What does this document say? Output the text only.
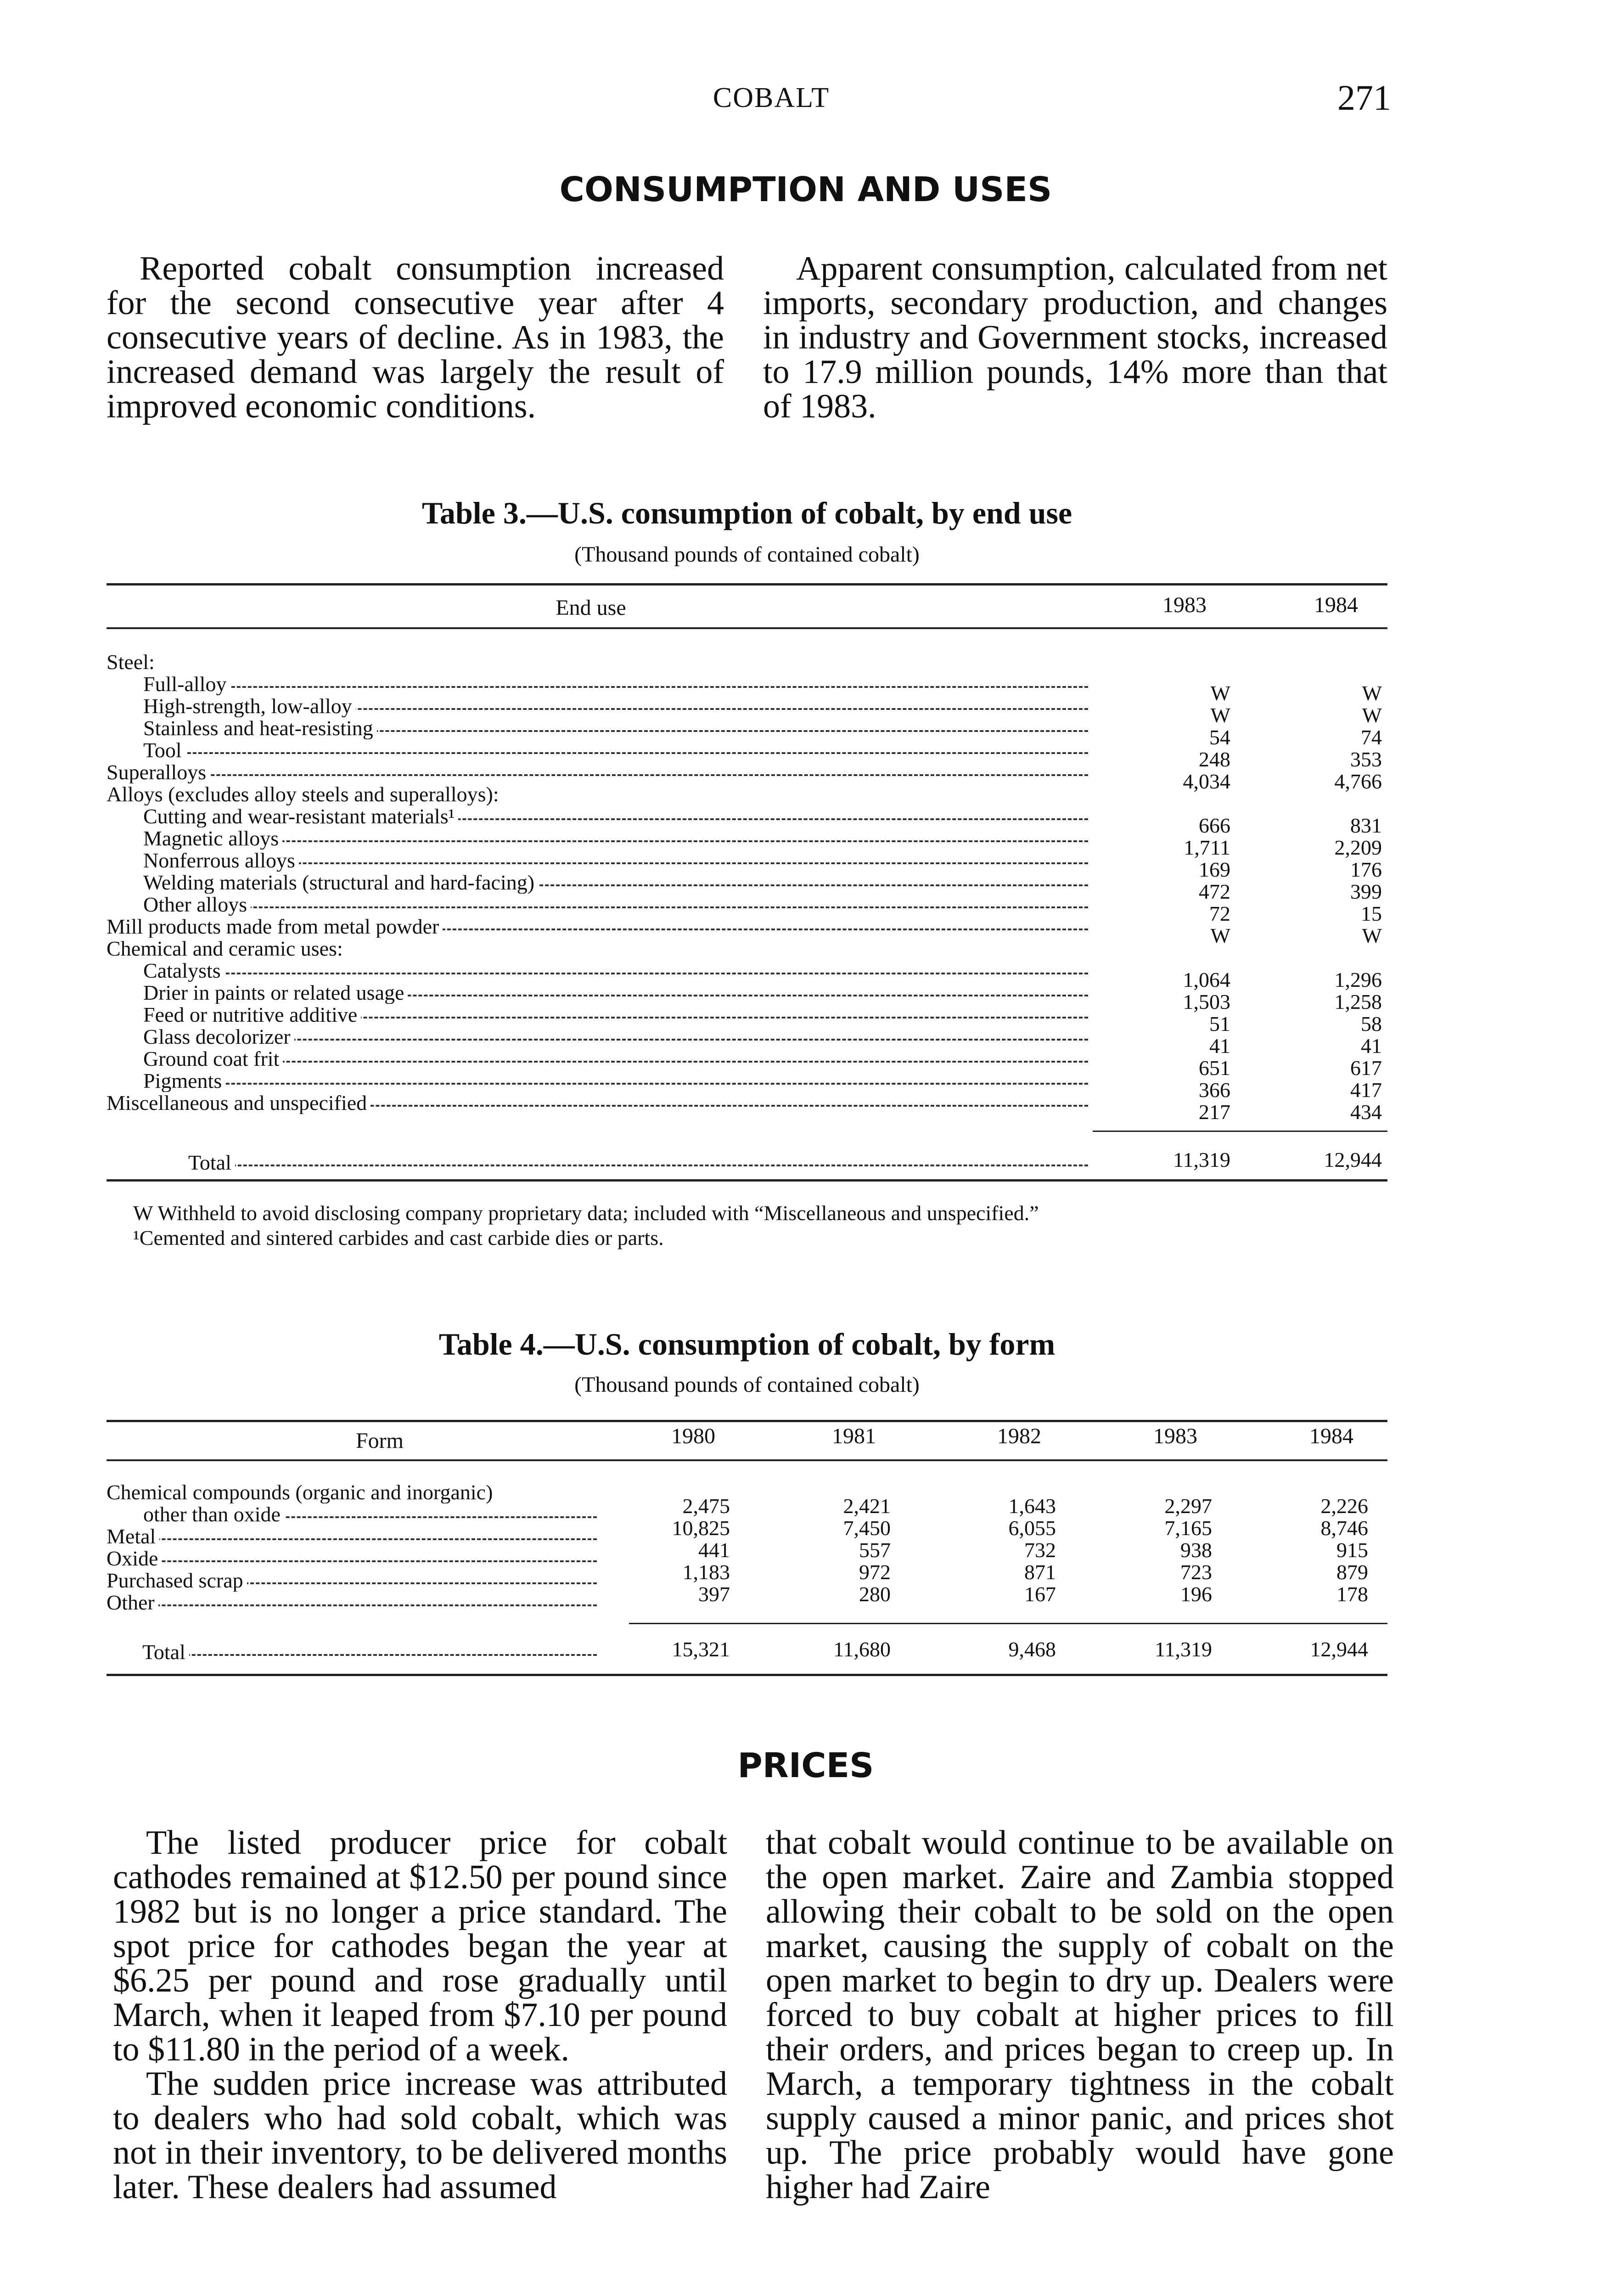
COBALT	271
CONSUMPTION AND USES

Reported cobalt consumption increased for the second consecutive year after 4 consecutive years of decline. As in 1983, the increased demand was largely the result of improved economic conditions.

Apparent consumption, calculated from net imports, secondary production, and changes in industry and Government stocks, increased to 17.9 million pounds, 14% more than that of 1983.

Table 3.—U.S. consumption of cobalt, by end use
(Thousand pounds of contained cobalt)
End use	1983	1984
Steel:
Full-alloy	W	W
High-strength, low-alloy	W	W
Stainless and heat-resisting	54	74
Tool	248	353
Superalloys	4,034	4,766
Alloys (excludes alloy steels and superalloys):
Cutting and wear-resistant materials¹	666	831
Magnetic alloys	1,711	2,209
Nonferrous alloys	169	176
Welding materials (structural and hard-facing)	472	399
Other alloys	72	15
Mill products made from metal powder	W	W
Chemical and ceramic uses:
Catalysts	1,064	1,296
Drier in paints or related usage	1,503	1,258
Feed or nutritive additive	51	58
Glass decolorizer	41	41
Ground coat frit	651	617
Pigments	366	417
Miscellaneous and unspecified	217	434
Total	11,319	12,944
W Withheld to avoid disclosing company proprietary data; included with “Miscellaneous and unspecified.”
¹Cemented and sintered carbides and cast carbide dies or parts.
Table 4.—U.S. consumption of cobalt, by form
(Thousand pounds of contained cobalt)
Form	1980	1981	1982	1983	1984
Chemical compounds (organic and inorganic)
other than oxide	2,475	2,421	1,643	2,297	2,226
Metal	10,825	7,450	6,055	7,165	8,746
Oxide	441	557	732	938	915
Purchased scrap	1,183	972	871	723	879
Other	397	280	167	196	178
Total	15,321	11,680	9,468	11,319	12,944
PRICES

The listed producer price for cobalt cathodes remained at $12.50 per pound since 1982 but is no longer a price standard. The spot price for cathodes began the year at $6.25 per pound and rose gradually until March, when it leaped from $7.10 per pound to $11.80 in the period of a week.

The sudden price increase was attributed to dealers who had sold cobalt, which was not in their inventory, to be delivered months later. These dealers had assumed

that cobalt would continue to be available on the open market. Zaire and Zambia stopped allowing their cobalt to be sold on the open market, causing the supply of cobalt on the open market to begin to dry up. Dealers were forced to buy cobalt at higher prices to fill their orders, and prices began to creep up. In March, a temporary tightness in the cobalt supply caused a minor panic, and prices shot up. The price probably would have gone higher had Zaire
